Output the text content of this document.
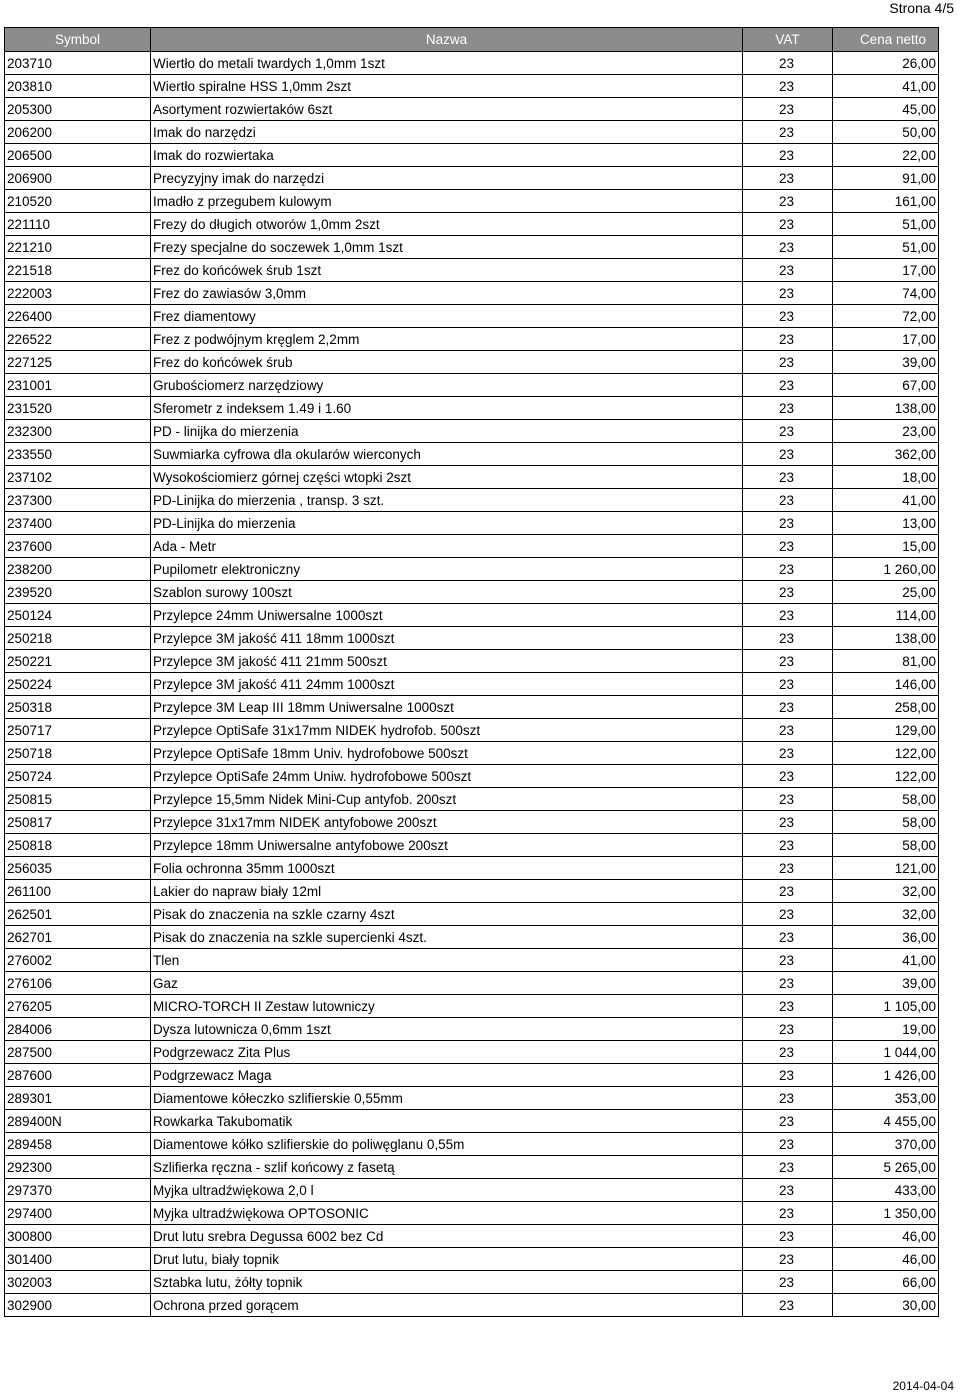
Strona 4/5
Symbol	Nazwa	VAT	Cena netto
203710	Wiertło do metali twardych 1,0mm 1szt	23	26,00
203810	Wiertło spiralne HSS 1,0mm 2szt	23	41,00
205300	Asortyment rozwiertaków 6szt	23	45,00
206200	Imak do narzędzi	23	50,00
206500	Imak do rozwiertaka	23	22,00
206900	Precyzyjny imak do narzędzi	23	91,00
210520	Imadło z przegubem kulowym	23	161,00
221110	Frezy do długich otworów 1,0mm 2szt	23	51,00
221210	Frezy specjalne do soczewek 1,0mm 1szt	23	51,00
221518	Frez do końcówek śrub 1szt	23	17,00
222003	Frez do zawiasów 3,0mm	23	74,00
226400	Frez diamentowy	23	72,00
226522	Frez z podwójnym kręglem 2,2mm	23	17,00
227125	Frez do końcówek śrub	23	39,00
231001	Grubościomerz narzędziowy	23	67,00
231520	Sferometr z indeksem 1.49 i 1.60	23	138,00
232300	PD - linijka do mierzenia	23	23,00
233550	Suwmiarka cyfrowa dla okularów wierconych	23	362,00
237102	Wysokościomierz górnej części wtopki 2szt	23	18,00
237300	PD-Linijka do mierzenia , transp. 3 szt.	23	41,00
237400	PD-Linijka do mierzenia	23	13,00
237600	Ada - Metr	23	15,00
238200	Pupilometr elektroniczny	23	1 260,00
239520	Szablon surowy 100szt	23	25,00
250124	Przylepce 24mm Uniwersalne 1000szt	23	114,00
250218	Przylepce 3M jakość 411 18mm 1000szt	23	138,00
250221	Przylepce 3M jakość 411 21mm 500szt	23	81,00
250224	Przylepce 3M jakość 411 24mm 1000szt	23	146,00
250318	Przylepce 3M Leap III 18mm Uniwersalne 1000szt	23	258,00
250717	Przylepce OptiSafe 31x17mm NIDEK hydrofob. 500szt	23	129,00
250718	Przylepce OptiSafe 18mm Univ. hydrofobowe 500szt	23	122,00
250724	Przylepce OptiSafe 24mm Uniw. hydrofobowe 500szt	23	122,00
250815	Przylepce 15,5mm Nidek Mini-Cup antyfob. 200szt	23	58,00
250817	Przylepce 31x17mm NIDEK antyfobowe 200szt	23	58,00
250818	Przylepce 18mm Uniwersalne antyfobowe 200szt	23	58,00
256035	Folia ochronna 35mm 1000szt	23	121,00
261100	Lakier do napraw biały 12ml	23	32,00
262501	Pisak do znaczenia na szkle czarny 4szt	23	32,00
262701	Pisak do znaczenia na szkle supercienki 4szt.	23	36,00
276002	Tlen	23	41,00
276106	Gaz	23	39,00
276205	MICRO-TORCH II Zestaw lutowniczy	23	1 105,00
284006	Dysza lutownicza 0,6mm 1szt	23	19,00
287500	Podgrzewacz Zita Plus	23	1 044,00
287600	Podgrzewacz Maga	23	1 426,00
289301	Diamentowe kółeczko szlifierskie 0,55mm	23	353,00
289400N	Rowkarka Takubomatik	23	4 455,00
289458	Diamentowe kółko szlifierskie do poliwęglanu 0,55m	23	370,00
292300	Szlifierka ręczna - szlif końcowy z fasetą	23	5 265,00
297370	Myjka ultradźwiękowa 2,0 l	23	433,00
297400	Myjka ultradźwiękowa OPTOSONIC	23	1 350,00
300800	Drut lutu srebra Degussa 6002 bez Cd	23	46,00
301400	Drut lutu, biały topnik	23	46,00
302003	Sztabka lutu, żółty topnik	23	66,00
302900	Ochrona przed gorącem	23	30,00
2014-04-04
